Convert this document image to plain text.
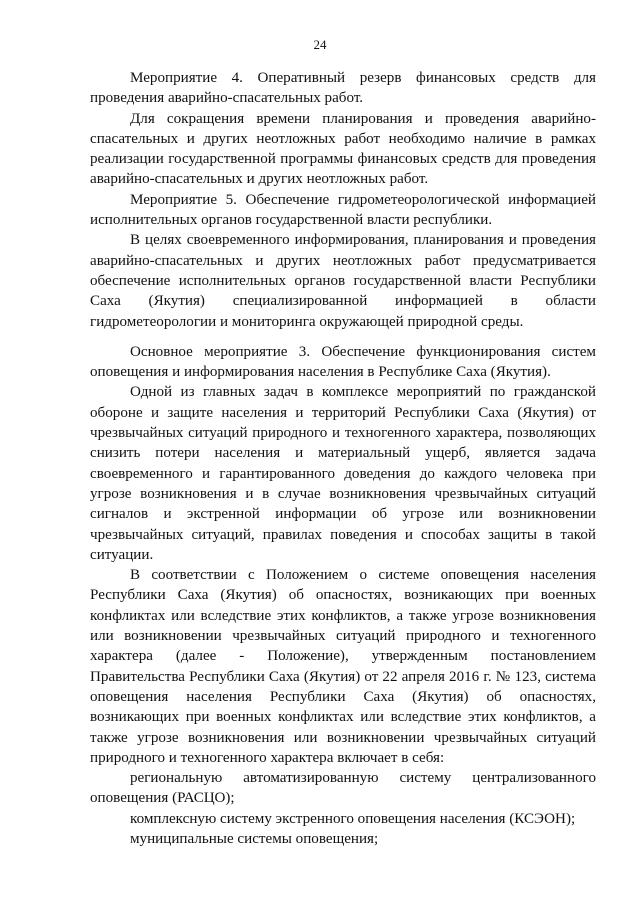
24

Мероприятие 4. Оперативный резерв финансовых средств для проведения аварийно-спасательных работ.

Для сокращения времени планирования и проведения аварийно-спасательных и других неотложных работ необходимо наличие в рамках реализации государственной программы финансовых средств для проведения аварийно-спасательных и других неотложных работ.

Мероприятие 5. Обеспечение гидрометеорологической информацией исполнительных органов государственной власти республики.

В целях своевременного информирования, планирования и проведения аварийно-спасательных и других неотложных работ предусматривается обеспечение исполнительных органов государственной власти Республики Саха (Якутия) специализированной информацией в области гидрометеорологии и мониторинга окружающей природной среды.

Основное мероприятие 3. Обеспечение функционирования систем оповещения и информирования населения в Республике Саха (Якутия).

Одной из главных задач в комплексе мероприятий по гражданской обороне и защите населения и территорий Республики Саха (Якутия) от чрезвычайных ситуаций природного и техногенного характера, позволяющих снизить потери населения и материальный ущерб, является задача своевременного и гарантированного доведения до каждого человека при угрозе возникновения и в случае возникновения чрезвычайных ситуаций сигналов и экстренной информации об угрозе или возникновении чрезвычайных ситуаций, правилах поведения и способах защиты в такой ситуации.

В соответствии с Положением о системе оповещения населения Республики Саха (Якутия) об опасностях, возникающих при военных конфликтах или вследствие этих конфликтов, а также угрозе возникновения или возникновении чрезвычайных ситуаций природного и техногенного характера (далее - Положение), утвержденным постановлением Правительства Республики Саха (Якутия) от 22 апреля 2016 г. № 123, система оповещения населения Республики Саха (Якутия) об опасностях, возникающих при военных конфликтах или вследствие этих конфликтов, а также угрозе возникновения или возникновении чрезвычайных ситуаций природного и техногенного характера включает в себя:

региональную автоматизированную систему централизованного оповещения (РАСЦО);

комплексную систему экстренного оповещения населения (КСЭОН);

муниципальные системы оповещения;
